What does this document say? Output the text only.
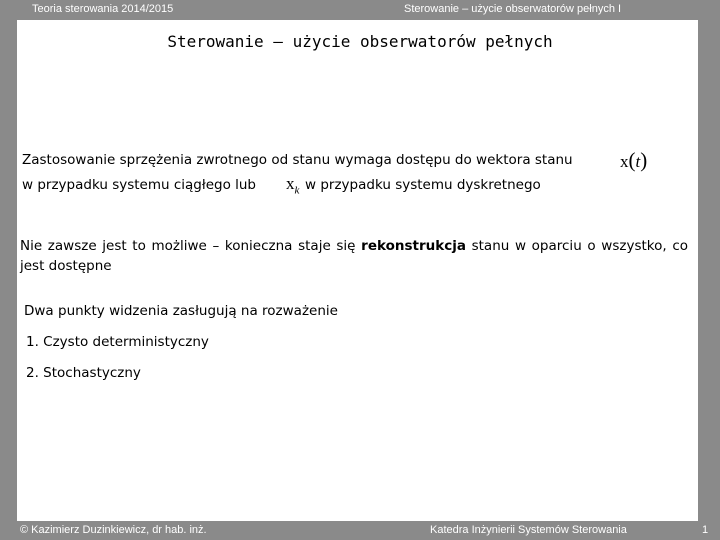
Teoria sterowania 2014/2015	Sterowanie – użycie obserwatorów pełnych I
Sterowanie – użycie obserwatorów pełnych
Zastosowanie sprzężenia zwrotnego od stanu wymaga dostępu do wektora stanu	x(t)
w przypadku systemu ciągłego lub $x_k$ w przypadku systemu dyskretnego
Nie zawsze jest to możliwe – konieczna staje się rekonstrukcja stanu w oparciu o wszystko, co jest dostępne
Dwa punkty widzenia zasługują na rozważenie
1. Czysto deterministyczny
2. Stochastyczny
© Kazimierz Duzinkiewicz, dr hab. inż.	Katedra Inżynierii Systemów Sterowania	1
